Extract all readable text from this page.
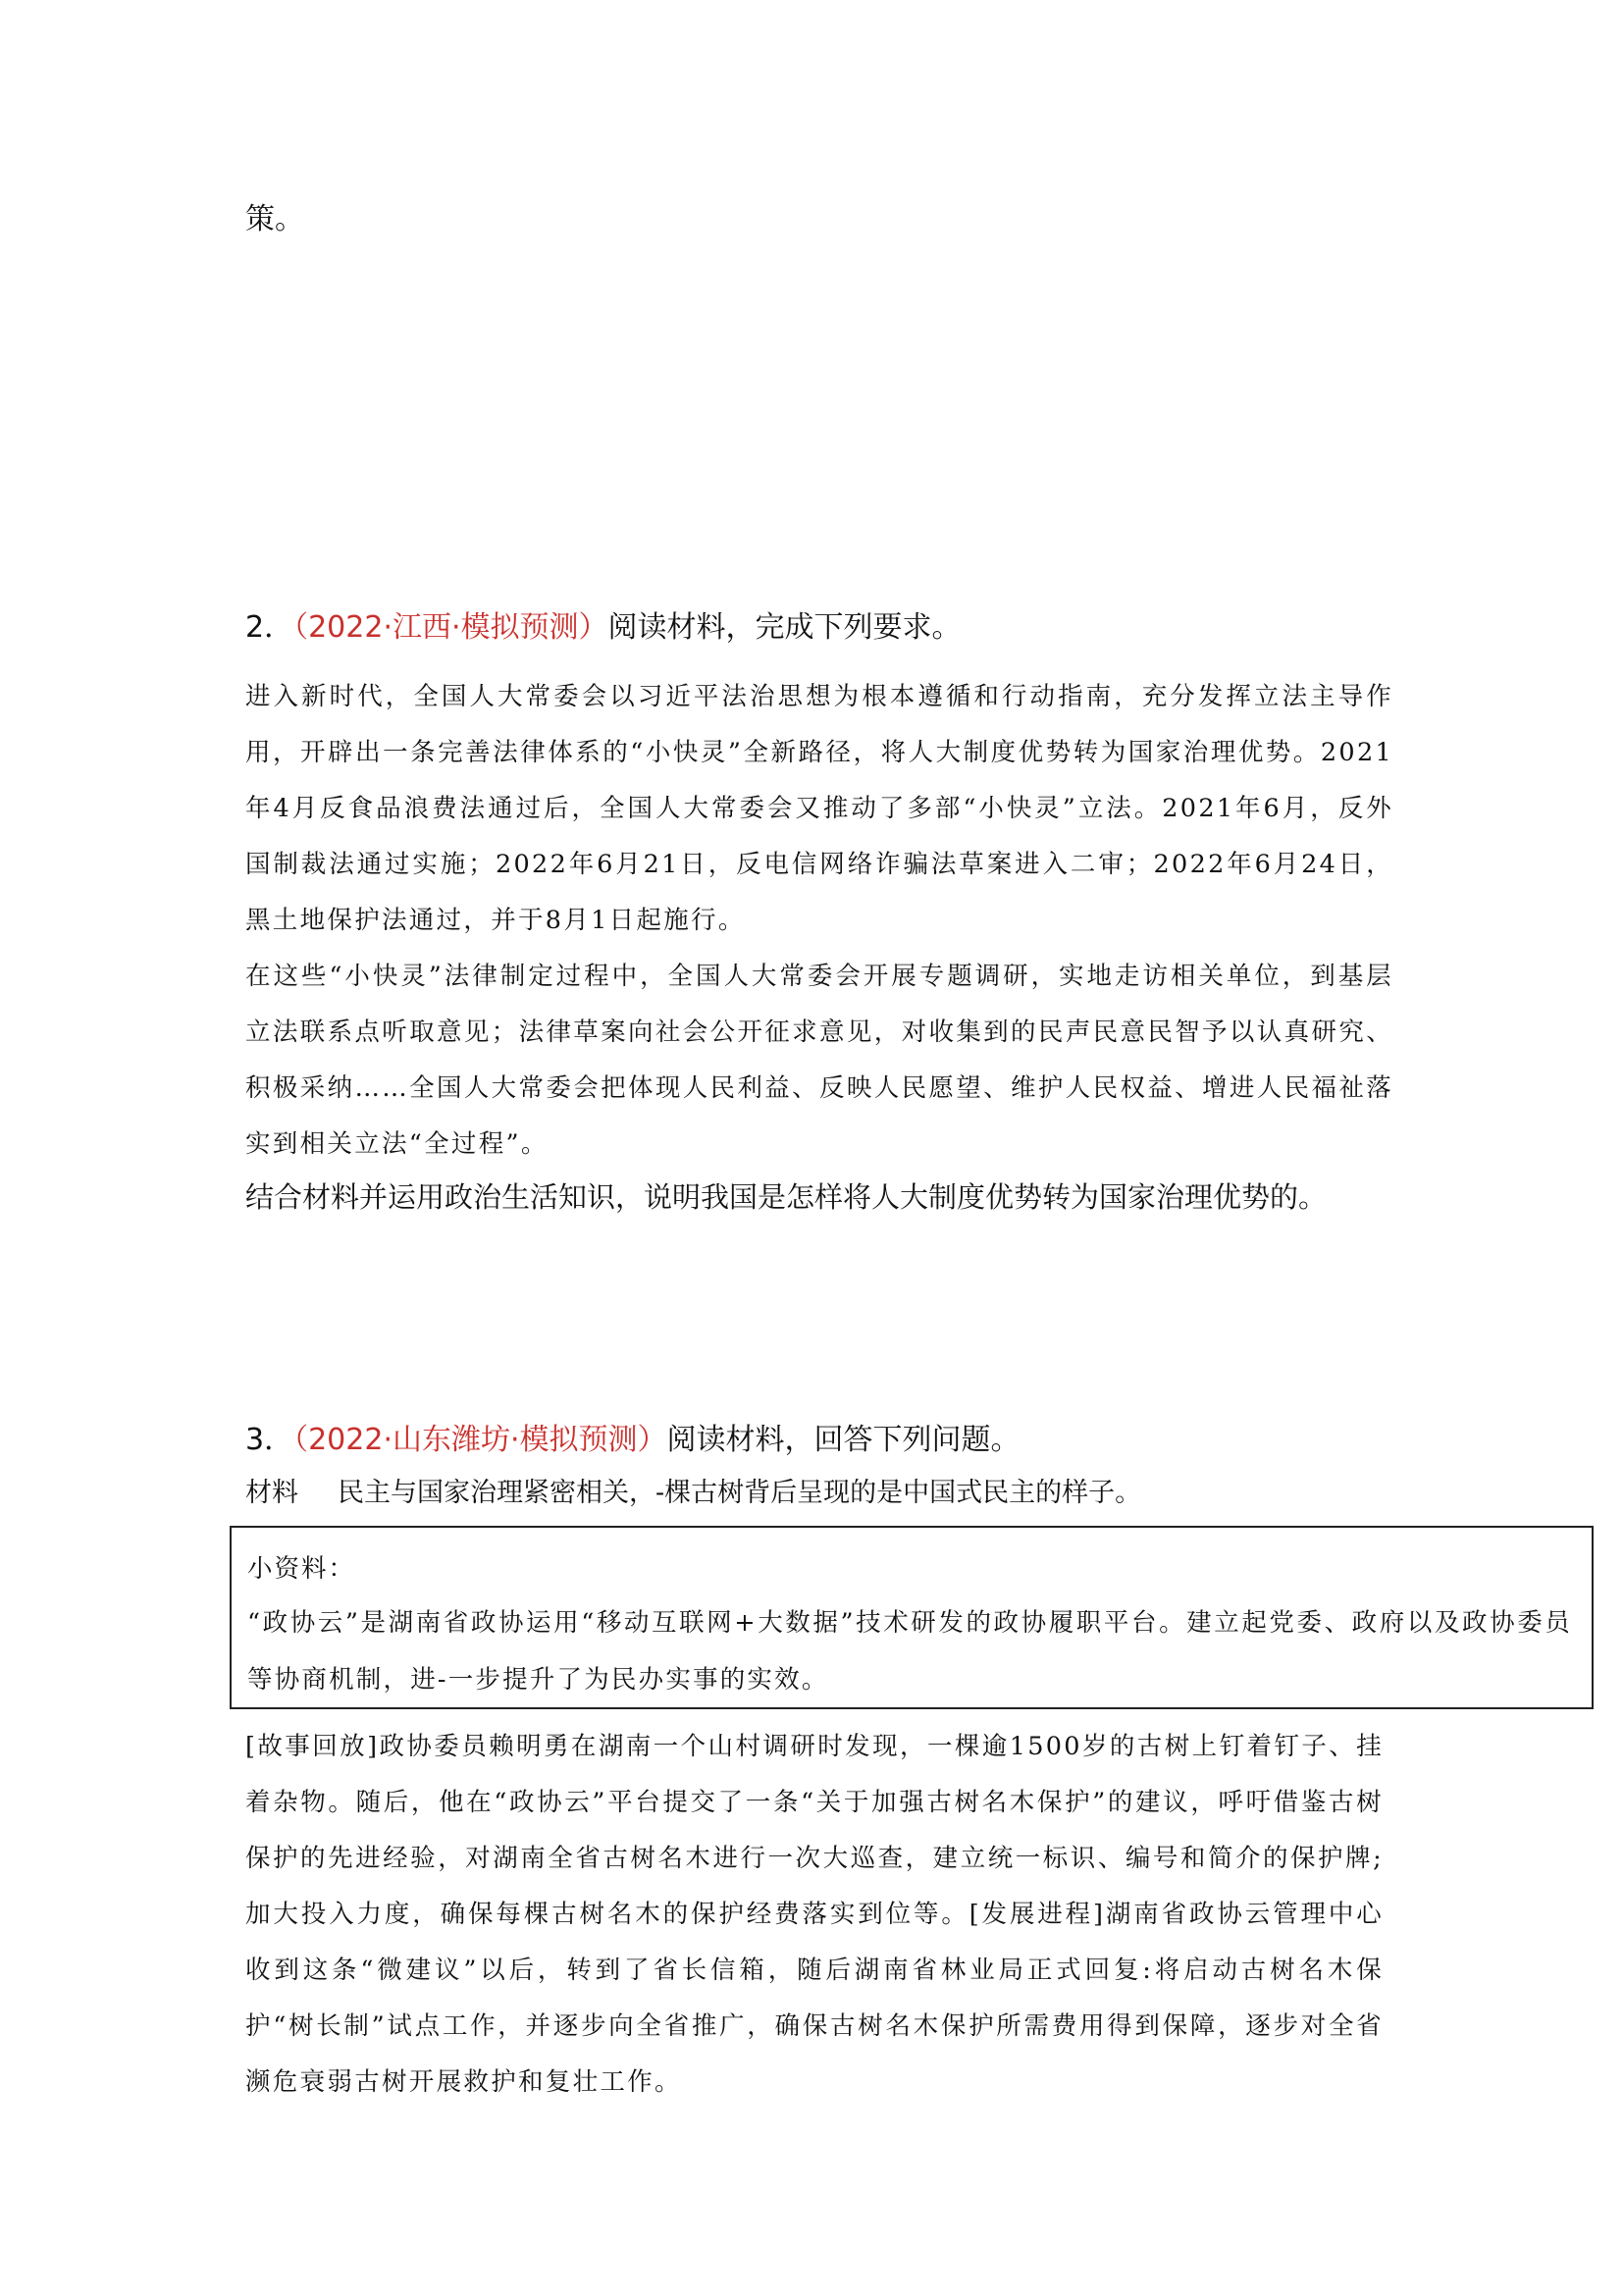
策。
2．（2022·江西·模拟预测）阅读材料，完成下列要求。

进入新时代，全国人大常委会以习近平法治思想为根本遵循和行动指南，充分发挥立法主导作用，开辟出一条完善法律体系的“小快灵”全新路径，将人大制度优势转为国家治理优势。2021年4月反食品浪费法通过后，全国人大常委会又推动了多部“小快灵”立法。2021年6月，反外国制裁法通过实施；2022年6月21日，反电信网络诈骗法草案进入二审；2022年6月24日，黑土地保护法通过，并于8月1日起施行。

在这些“小快灵”法律制定过程中，全国人大常委会开展专题调研，实地走访相关单位，到基层立法联系点听取意见；法律草案向社会公开征求意见，对收集到的民声民意民智予以认真研究、积极采纳……全国人大常委会把体现人民利益、反映人民愿望、维护人民权益、增进人民福祉落实到相关立法“全过程”。

结合材料并运用政治生活知识，说明我国是怎样将人大制度优势转为国家治理优势的。
3．（2022·山东潍坊·模拟预测）阅读材料，回答下列问题。
材料 民主与国家治理紧密相关，-棵古树背后呈现的是中国式民主的样子。
小资料：
“政协云”是湖南省政协运用“移动互联网+大数据”技术研发的政协履职平台。建立起党委、政府以及政协委员等协商机制，进-一步提升了为民办实事的实效。

[故事回放]政协委员赖明勇在湖南一个山村调研时发现，一棵逾1500岁的古树上钉着钉子、挂着杂物。随后，他在“政协云”平台提交了一条“关于加强古树名木保护”的建议，呼吁借鉴古树保护的先进经验，对湖南全省古树名木进行一次大巡查，建立统一标识、编号和简介的保护牌;加大投入力度，确保每棵古树名木的保护经费落实到位等。[发展进程]湖南省政协云管理中心收到这条“微建议”以后，转到了省长信箱，随后湖南省林业局正式回复:将启动古树名木保护“树长制”试点工作，并逐步向全省推广，确保古树名木保护所需费用得到保障，逐步对全省濒危衰弱古树开展救护和复壮工作。
